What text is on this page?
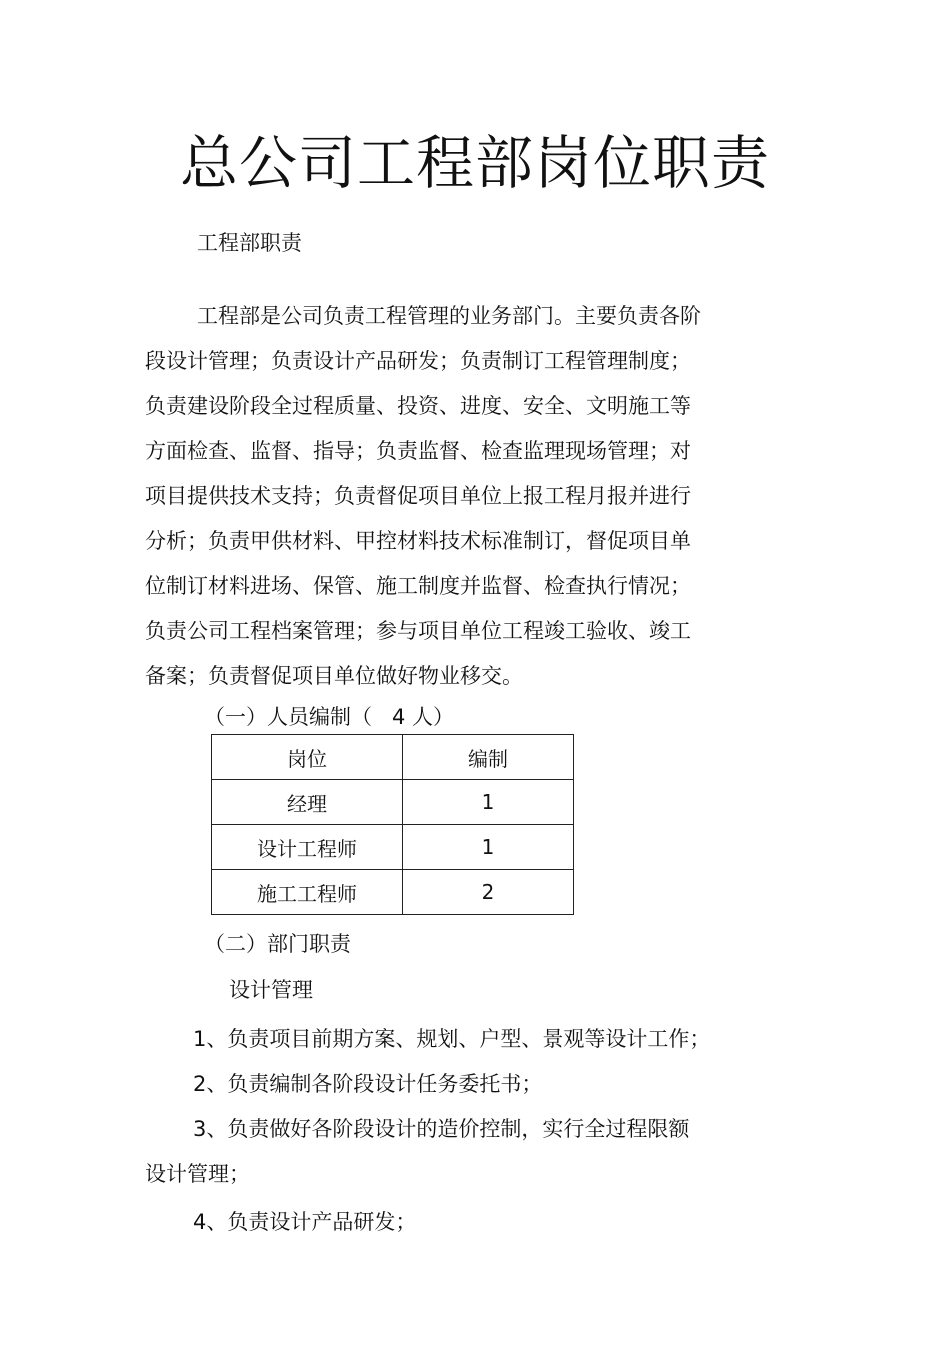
总公司工程部岗位职责
工程部职责
工程部是公司负责工程管理的业务部门。主要负责各阶
段设计管理；负责设计产品研发；负责制订工程管理制度；
负责建设阶段全过程质量、投资、进度、安全、文明施工等
方面检查、监督、指导；负责监督、检查监理现场管理；对
项目提供技术支持；负责督促项目单位上报工程月报并进行
分析；负责甲供材料、甲控材料技术标准制订，督促项目单
位制订材料进场、保管、施工制度并监督、检查执行情况；
负责公司工程档案管理；参与项目单位工程竣工验收、竣工
备案；负责督促项目单位做好物业移交。
（一）人员编制（   4 人）
岗位	编制
经理	1
设计工程师	1
施工工程师	2
（二）部门职责
设计管理
1、负责项目前期方案、规划、户型、景观等设计工作；
2、负责编制各阶段设计任务委托书；
3、负责做好各阶段设计的造价控制，实行全过程限额
设计管理；
4、负责设计产品研发；
